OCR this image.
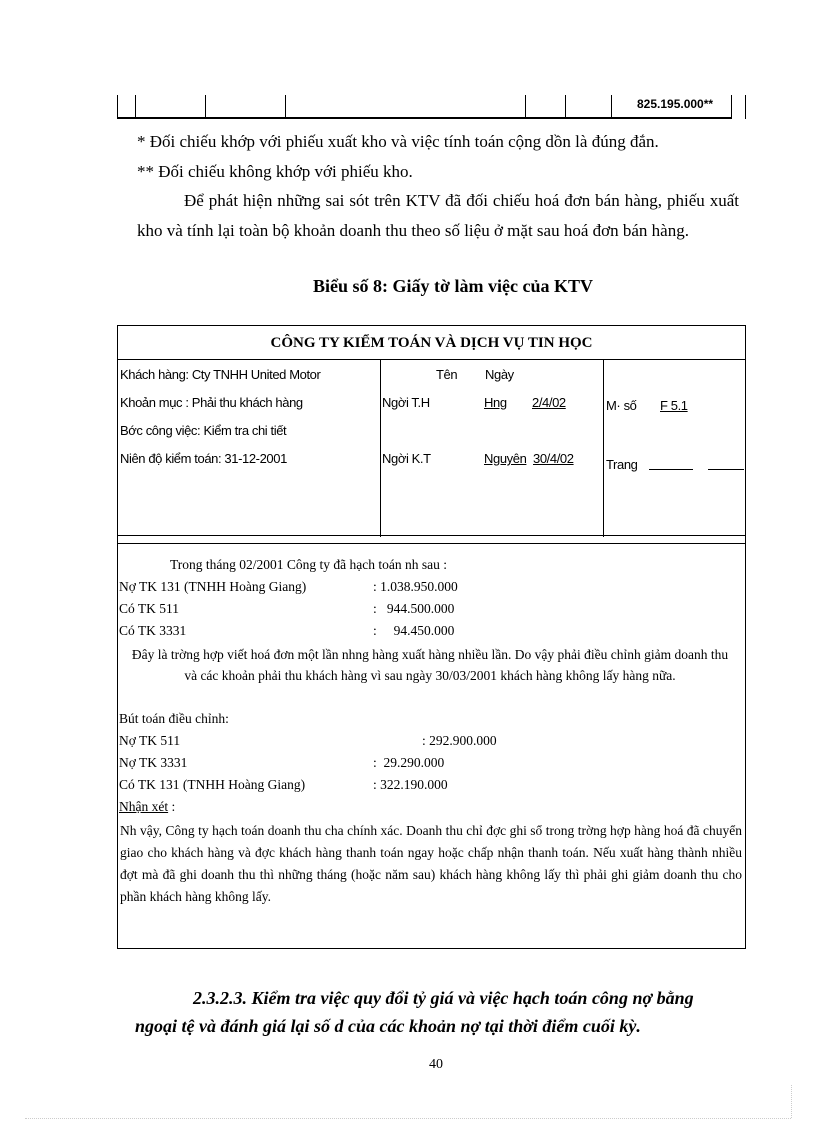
825.195.000**
* Đối chiếu khớp với phiếu xuất kho và việc tính toán cộng dồn là đúng đắn.
** Đối chiếu không khớp với phiếu kho.
Để phát hiện những sai sót trên KTV đã đối chiếu hoá đơn bán hàng, phiếu xuất kho và tính lại toàn bộ khoản doanh thu theo số liệu ở mặt sau hoá đơn bán hàng.
Biểu số 8: Giấy tờ làm việc của KTV
CÔNG TY KIỂM TOÁN VÀ DỊCH VỤ TIN HỌC
Khách hàng: Cty TNHH United Motor
Khoản mục : Phải thu khách hàng
Bớc công việc: Kiểm tra chi tiết
Niên độ kiểm toán: 31-12-2001
Tên Ngày
Ngời T.H	Hng 2/4/02
Ngời K.T	Nguyên 30/4/02
M· số F 5.1
Trang
Trong tháng 02/2001 Công ty đã hạch toán nh sau :
Nợ TK 131 (TNHH Hoàng Giang)	: 1.038.950.000
Có TK 511	:   944.500.000
Có TK 3331	:     94.450.000
Đây là trờng hợp viết hoá đơn một lần nhng hàng xuất hàng nhiều lần. Do vậy phải điều chỉnh giảm doanh thu và các khoản phải thu khách hàng vì sau ngày 30/03/2001 khách hàng không lấy hàng nữa.
Bút toán điều chỉnh:
Nợ TK 511	: 292.900.000
Nợ TK 3331	:  29.290.000
Có TK 131 (TNHH Hoàng Giang)	: 322.190.000
Nhận xét :
Nh vậy, Công ty hạch toán doanh thu cha chính xác. Doanh thu chỉ đợc ghi sổ trong trờng hợp hàng hoá đã chuyển giao cho khách hàng và đợc khách hàng thanh toán ngay hoặc chấp nhận thanh toán. Nếu xuất hàng thành nhiều đợt mà đã ghi doanh thu thì những tháng (hoặc năm sau) khách hàng không lấy thì phải ghi giảm doanh thu cho phần khách hàng không lấy.
2.3.2.3. Kiểm tra việc quy đổi tỷ giá và việc hạch toán công nợ bằng ngoại tệ và đánh giá lại số d của các khoản nợ tại thời điểm cuối kỳ.
40
